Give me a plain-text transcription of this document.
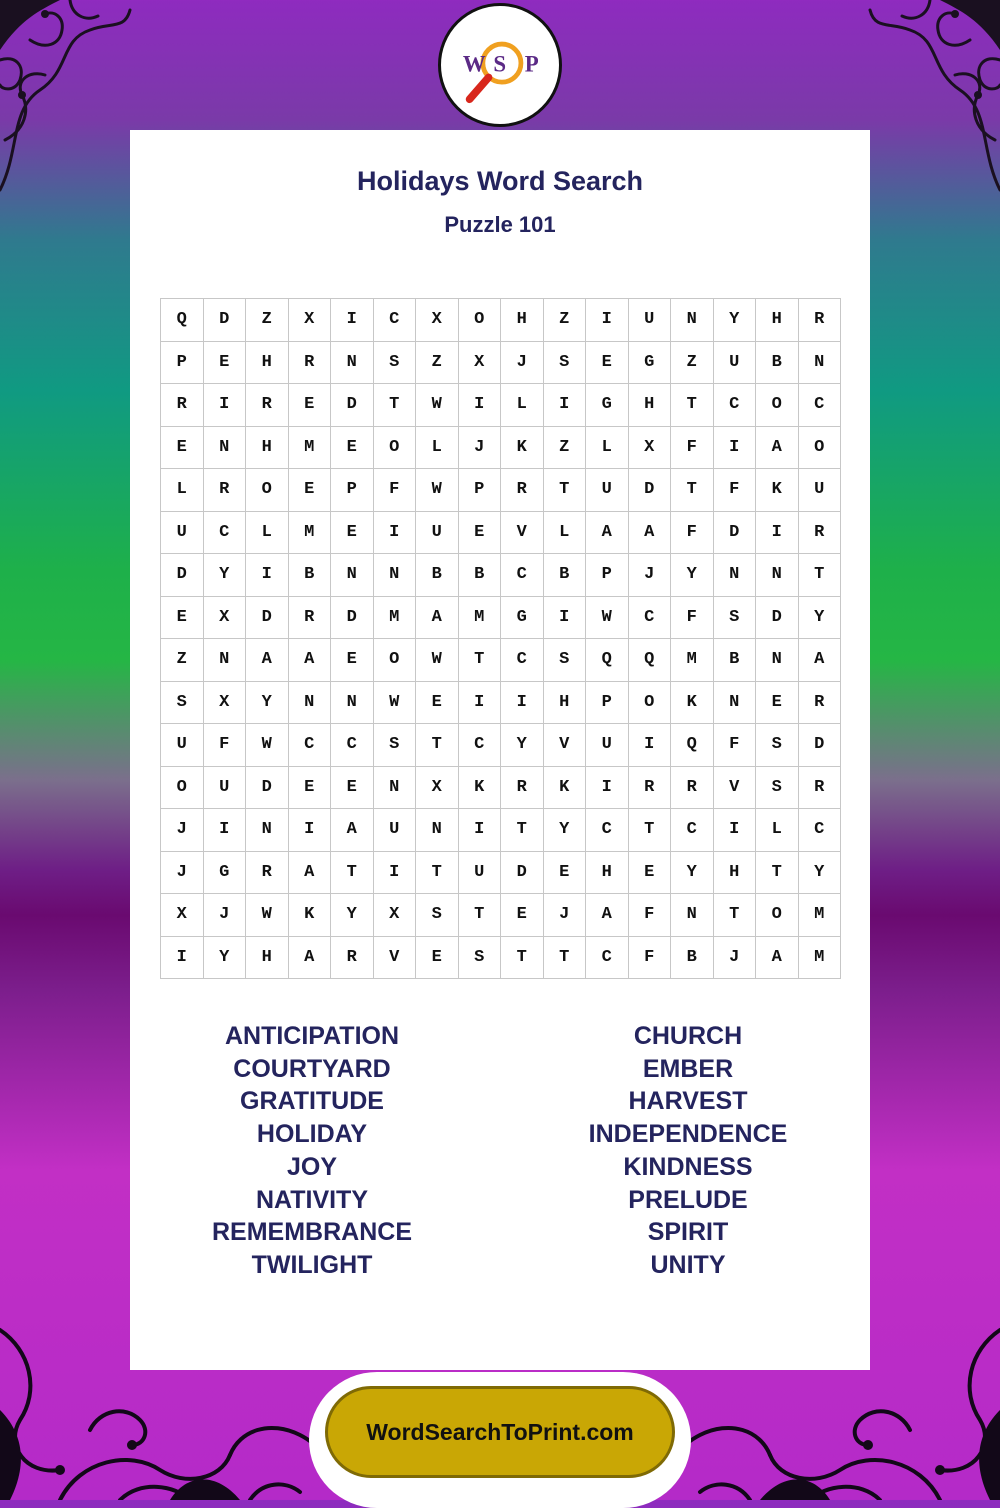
W S P
Holidays Word Search
Puzzle 101
Q	D	Z	X	I	C	X	O	H	Z	I	U	N	Y	H	R
P	E	H	R	N	S	Z	X	J	S	E	G	Z	U	B	N
R	I	R	E	D	T	W	I	L	I	G	H	T	C	O	C
E	N	H	M	E	O	L	J	K	Z	L	X	F	I	A	O
L	R	O	E	P	F	W	P	R	T	U	D	T	F	K	U
U	C	L	M	E	I	U	E	V	L	A	A	F	D	I	R
D	Y	I	B	N	N	B	B	C	B	P	J	Y	N	N	T
E	X	D	R	D	M	A	M	G	I	W	C	F	S	D	Y
Z	N	A	A	E	O	W	T	C	S	Q	Q	M	B	N	A
S	X	Y	N	N	W	E	I	I	H	P	O	K	N	E	R
U	F	W	C	C	S	T	C	Y	V	U	I	Q	F	S	D
O	U	D	E	E	N	X	K	R	K	I	R	R	V	S	R
J	I	N	I	A	U	N	I	T	Y	C	T	C	I	L	C
J	G	R	A	T	I	T	U	D	E	H	E	Y	H	T	Y
X	J	W	K	Y	X	S	T	E	J	A	F	N	T	O	M
I	Y	H	A	R	V	E	S	T	T	C	F	B	J	A	M
ANTICIPATION
COURTYARD
GRATITUDE
HOLIDAY
JOY
NATIVITY
REMEMBRANCE
TWILIGHT
CHURCH
EMBER
HARVEST
INDEPENDENCE
KINDNESS
PRELUDE
SPIRIT
UNITY
WordSearchToPrint.com
